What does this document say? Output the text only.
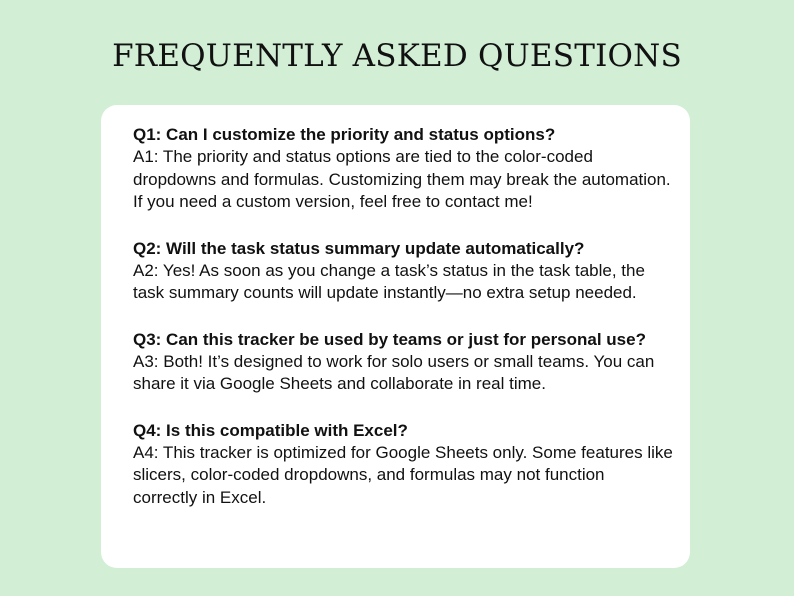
FREQUENTLY ASKED QUESTIONS

Q1: Can I customize the priority and status options?

A1: The priority and status options are tied to the color-coded dropdowns and formulas. Customizing them may break the automation. If you need a custom version, feel free to contact me!

Q2: Will the task status summary update automatically?

A2: Yes! As soon as you change a task’s status in the task table, the task summary counts will update instantly—no extra setup needed.

Q3: Can this tracker be used by teams or just for personal use?

A3: Both! It’s designed to work for solo users or small teams. You can share it via Google Sheets and collaborate in real time.

Q4: Is this compatible with Excel?

A4: This tracker is optimized for Google Sheets only. Some features like slicers, color-coded dropdowns, and formulas may not function correctly in Excel.
